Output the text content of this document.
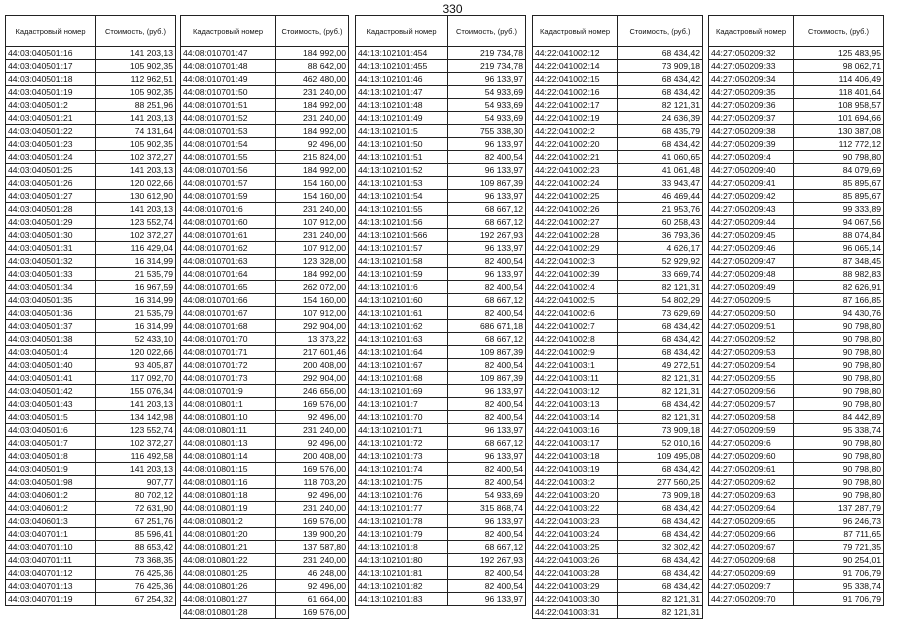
330
Кадастровый номер	Стоимость, (руб.)
44:03:040501:16	141 203,13
44:03:040501:17	105 902,35
44:03:040501:18	112 962,51
44:03:040501:19	105 902,35
44:03:040501:2	88 251,96
44:03:040501:21	141 203,13
44:03:040501:22	74 131,64
44:03:040501:23	105 902,35
44:03:040501:24	102 372,27
44:03:040501:25	141 203,13
44:03:040501:26	120 022,66
44:03:040501:27	130 612,90
44:03:040501:28	141 203,13
44:03:040501:29	123 552,74
44:03:040501:30	102 372,27
44:03:040501:31	116 429,04
44:03:040501:32	16 314,99
44:03:040501:33	21 535,79
44:03:040501:34	16 967,59
44:03:040501:35	16 314,99
44:03:040501:36	21 535,79
44:03:040501:37	16 314,99
44:03:040501:38	52 433,10
44:03:040501:4	120 022,66
44:03:040501:40	93 405,87
44:03:040501:41	117 092,70
44:03:040501:42	155 076,34
44:03:040501:43	141 203,13
44:03:040501:5	134 142,98
44:03:040501:6	123 552,74
44:03:040501:7	102 372,27
44:03:040501:8	116 492,58
44:03:040501:9	141 203,13
44:03:040501:98	907,77
44:03:040601:2	80 702,12
44:03:040601:2	72 631,90
44:03:040601:3	67 251,76
44:03:040701:1	85 596,41
44:03:040701:10	88 653,42
44:03:040701:11	73 368,35
44:03:040701:12	76 425,36
44:03:040701:13	76 425,36
44:03:040701:19	67 254,32
Кадастровый номер	Стоимость, (руб.)
44:08:010701:47	184 992,00
44:08:010701:48	88 642,00
44:08:010701:49	462 480,00
44:08:010701:50	231 240,00
44:08:010701:51	184 992,00
44:08:010701:52	231 240,00
44:08:010701:53	184 992,00
44:08:010701:54	92 496,00
44:08:010701:55	215 824,00
44:08:010701:56	184 992,00
44:08:010701:57	154 160,00
44:08:010701:59	154 160,00
44:08:010701:6	231 240,00
44:08:010701:60	107 912,00
44:08:010701:61	231 240,00
44:08:010701:62	107 912,00
44:08:010701:63	123 328,00
44:08:010701:64	184 992,00
44:08:010701:65	262 072,00
44:08:010701:66	154 160,00
44:08:010701:67	107 912,00
44:08:010701:68	292 904,00
44:08:010701:70	13 373,22
44:08:010701:71	217 601,46
44:08:010701:72	200 408,00
44:08:010701:73	292 904,00
44:08:010701:9	246 656,00
44:08:010801:1	169 576,00
44:08:010801:10	92 496,00
44:08:010801:11	231 240,00
44:08:010801:13	92 496,00
44:08:010801:14	200 408,00
44:08:010801:15	169 576,00
44:08:010801:16	118 703,20
44:08:010801:18	92 496,00
44:08:010801:19	231 240,00
44:08:010801:2	169 576,00
44:08:010801:20	139 900,20
44:08:010801:21	137 587,80
44:08:010801:22	231 240,00
44:08:010801:25	46 248,00
44:08:010801:26	92 496,00
44:08:010801:27	61 664,00
44:08:010801:28	169 576,00
Кадастровый номер	Стоимость, (руб.)
44:13:102101:454	219 734,78
44:13:102101:455	219 734,78
44:13:102101:46	96 133,97
44:13:102101:47	54 933,69
44:13:102101:48	54 933,69
44:13:102101:49	54 933,69
44:13:102101:5	755 338,30
44:13:102101:50	96 133,97
44:13:102101:51	82 400,54
44:13:102101:52	96 133,97
44:13:102101:53	109 867,39
44:13:102101:54	96 133,97
44:13:102101:55	68 667,12
44:13:102101:56	68 667,12
44:13:102101:566	192 267,93
44:13:102101:57	96 133,97
44:13:102101:58	82 400,54
44:13:102101:59	96 133,97
44:13:102101:6	82 400,54
44:13:102101:60	68 667,12
44:13:102101:61	82 400,54
44:13:102101:62	686 671,18
44:13:102101:63	68 667,12
44:13:102101:64	109 867,39
44:13:102101:67	82 400,54
44:13:102101:68	109 867,39
44:13:102101:69	96 133,97
44:13:102101:7	82 400,54
44:13:102101:70	82 400,54
44:13:102101:71	96 133,97
44:13:102101:72	68 667,12
44:13:102101:73	96 133,97
44:13:102101:74	82 400,54
44:13:102101:75	82 400,54
44:13:102101:76	54 933,69
44:13:102101:77	315 868,74
44:13:102101:78	96 133,97
44:13:102101:79	82 400,54
44:13:102101:8	68 667,12
44:13:102101:80	192 267,93
44:13:102101:81	82 400,54
44:13:102101:82	82 400,54
44:13:102101:83	96 133,97
Кадастровый номер	Стоимость, (руб.)
44:22:041002:12	68 434,42
44:22:041002:14	73 909,18
44:22:041002:15	68 434,42
44:22:041002:16	68 434,42
44:22:041002:17	82 121,31
44:22:041002:19	24 636,39
44:22:041002:2	68 435,79
44:22:041002:20	68 434,42
44:22:041002:21	41 060,65
44:22:041002:23	41 061,48
44:22:041002:24	33 943,47
44:22:041002:25	46 469,44
44:22:041002:26	21 953,76
44:22:041002:27	60 258,43
44:22:041002:28	36 793,36
44:22:041002:29	4 626,17
44:22:041002:3	52 929,92
44:22:041002:39	33 669,74
44:22:041002:4	82 121,31
44:22:041002:5	54 802,29
44:22:041002:6	73 629,69
44:22:041002:7	68 434,42
44:22:041002:8	68 434,42
44:22:041002:9	68 434,42
44:22:041003:1	49 272,51
44:22:041003:11	82 121,31
44:22:041003:12	82 121,31
44:22:041003:13	68 434,42
44:22:041003:14	82 121,31
44:22:041003:16	73 909,18
44:22:041003:17	52 010,16
44:22:041003:18	109 495,08
44:22:041003:19	68 434,42
44:22:041003:2	277 560,25
44:22:041003:20	73 909,18
44:22:041003:22	68 434,42
44:22:041003:23	68 434,42
44:22:041003:24	68 434,42
44:22:041003:25	32 302,42
44:22:041003:26	68 434,42
44:22:041003:28	68 434,42
44:22:041003:29	68 434,42
44:22:041003:30	82 121,31
44:22:041003:31	82 121,31
Кадастровый номер	Стоимость, (руб.)
44:27:050209:32	125 483,95
44:27:050209:33	98 062,71
44:27:050209:34	114 406,49
44:27:050209:35	118 401,64
44:27:050209:36	108 958,57
44:27:050209:37	101 694,66
44:27:050209:38	130 387,08
44:27:050209:39	112 772,12
44:27:050209:4	90 798,80
44:27:050209:40	84 079,69
44:27:050209:41	85 895,67
44:27:050209:42	85 895,67
44:27:050209:43	99 333,89
44:27:050209:44	94 067,56
44:27:050209:45	88 074,84
44:27:050209:46	96 065,14
44:27:050209:47	87 348,45
44:27:050209:48	88 982,83
44:27:050209:49	82 626,91
44:27:050209:5	87 166,85
44:27:050209:50	94 430,76
44:27:050209:51	90 798,80
44:27:050209:52	90 798,80
44:27:050209:53	90 798,80
44:27:050209:54	90 798,80
44:27:050209:55	90 798,80
44:27:050209:56	90 798,80
44:27:050209:57	90 798,80
44:27:050209:58	84 442,89
44:27:050209:59	95 338,74
44:27:050209:6	90 798,80
44:27:050209:60	90 798,80
44:27:050209:61	90 798,80
44:27:050209:62	90 798,80
44:27:050209:63	90 798,80
44:27:050209:64	137 287,79
44:27:050209:65	96 246,73
44:27:050209:66	87 711,65
44:27:050209:67	79 721,35
44:27:050209:68	90 254,01
44:27:050209:69	91 706,79
44:27:050209:7	95 338,74
44:27:050209:70	91 706,79
